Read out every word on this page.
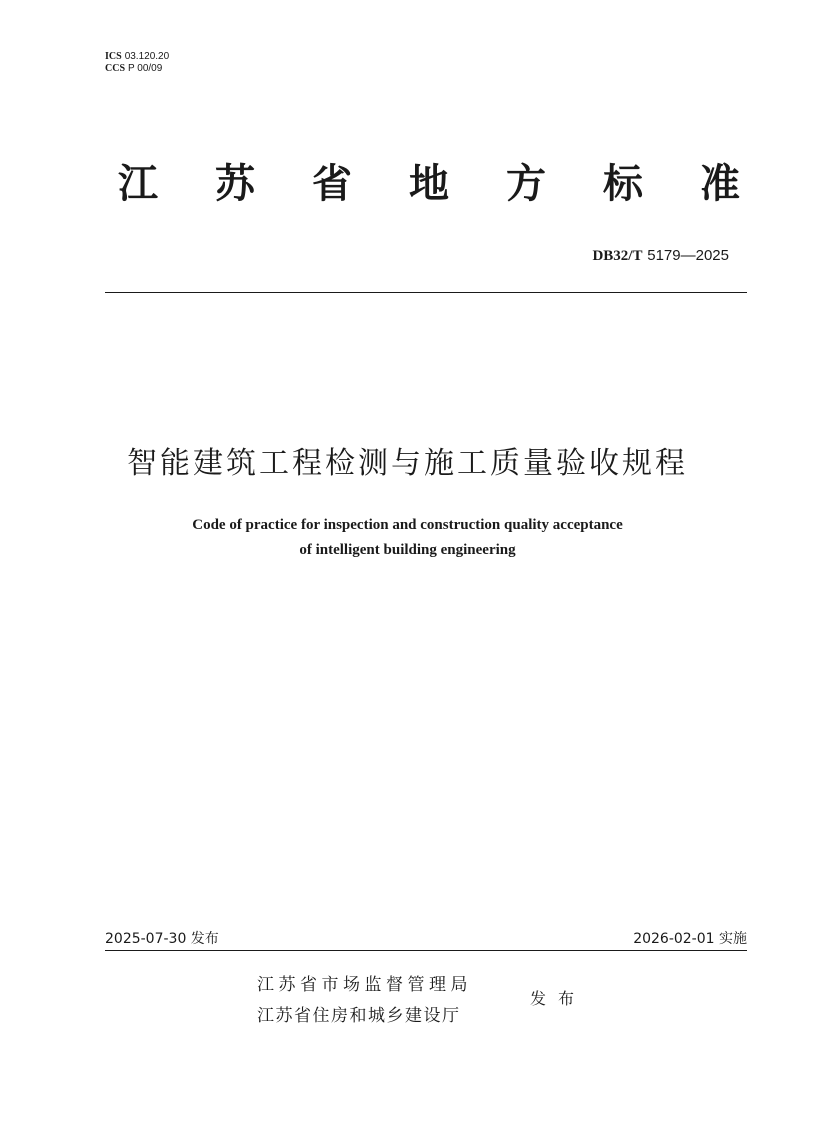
ICS 03.120.20
CCS P 00/09
江 苏 省 地 方 标 准
DB32/T 5179—2025
智能建筑工程检测与施工质量验收规程
Code of practice for inspection and construction quality acceptance
of intelligent building engineering
2025-07-30 发布	2026-02-01 实施
江苏省市场监督管理局
江苏省住房和城乡建设厅
发布
